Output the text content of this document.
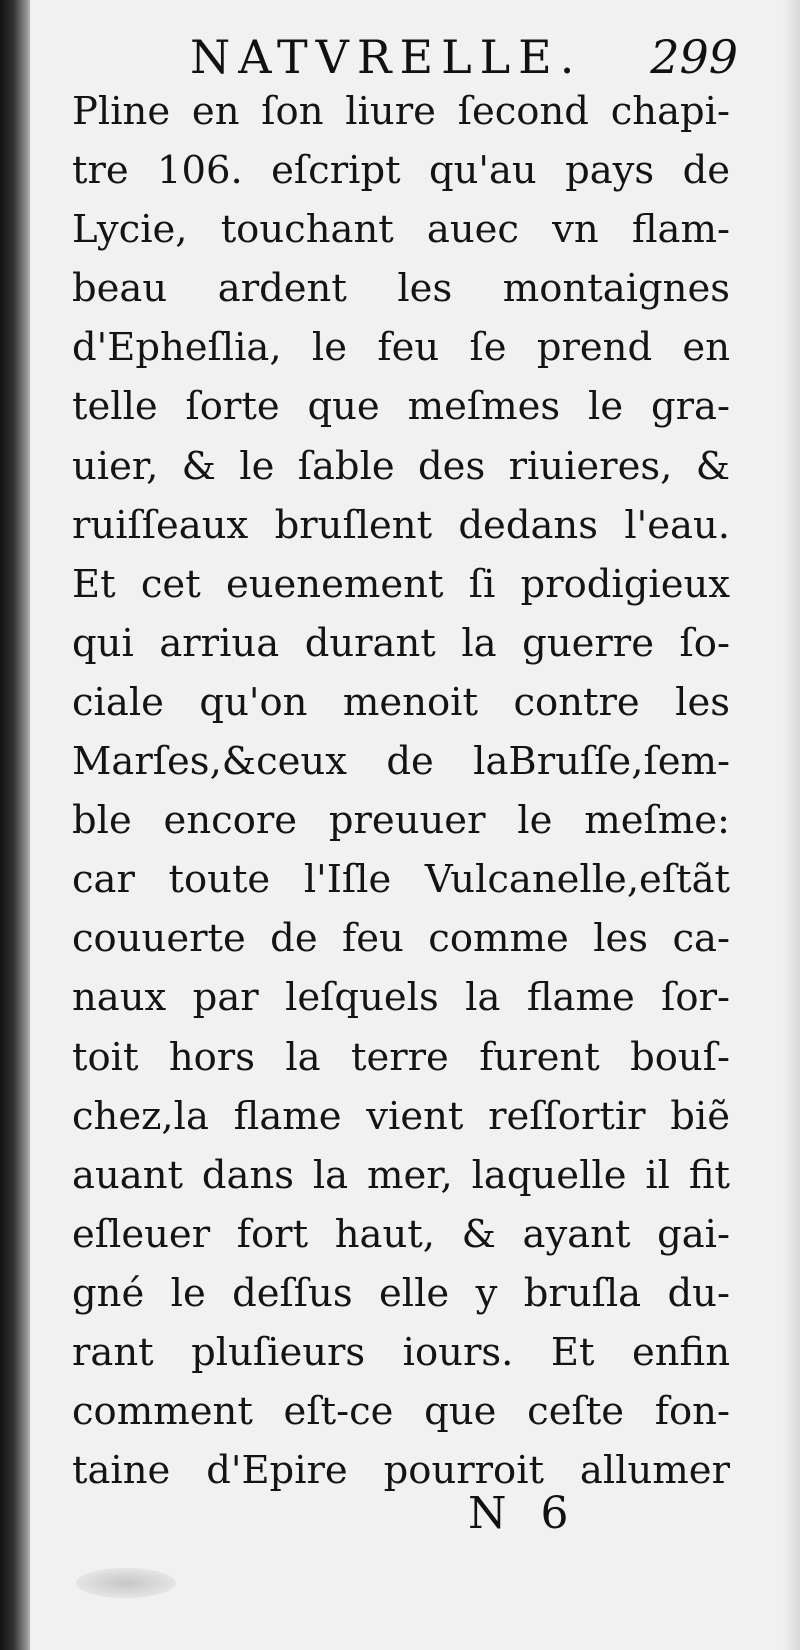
NATVRELLE. 299
Pline en ſon liure ſecond chapi-
tre 106. eſcript qu'au pays de
Lycie, touchant auec vn flam-
beau ardent les montaignes
d'Epheſlia, le feu ſe prend en
telle ſorte que meſmes le gra-
uier, & le ſable des riuieres, &
ruiſſeaux bruſlent dedans l'eau.
Et cet euenement ſi prodigieux
qui arriua durant la guerre ſo-
ciale qu'on menoit contre les
Marſes,&ceux de laBruſſe,ſem-
ble encore preuuer le meſme:
car toute l'Iſle Vulcanelle,eſtãt
couuerte de feu comme les ca-
naux par leſquels la flame ſor-
toit hors la terre furent bouſ-
chez,la flame vient reſſortir biẽ
auant dans la mer, laquelle il fit
eſleuer fort haut, & ayant gai-
gné le deſſus elle y bruſla du-
rant pluſieurs iours. Et enfin
comment eſt-ce que ceſte fon-
taine d'Epire pourroit allumer
N 6
